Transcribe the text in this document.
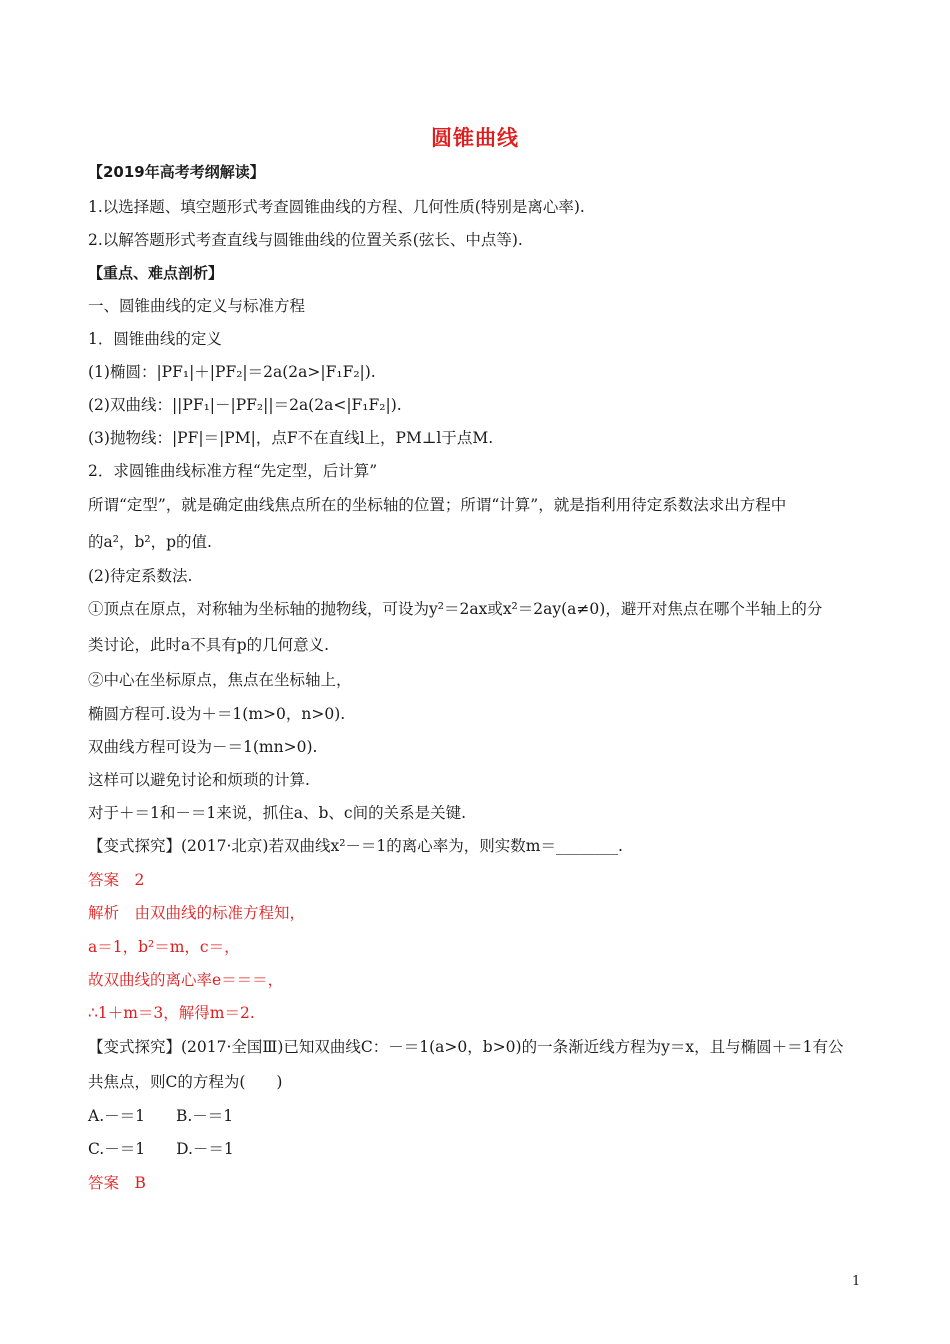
圆锥曲线
【2019年高考考纲解读】
1.以选择题、填空题形式考查圆锥曲线的方程、几何性质(特别是离心率).
2.以解答题形式考查直线与圆锥曲线的位置关系(弦长、中点等).
【重点、难点剖析】
一、圆锥曲线的定义与标准方程
1．圆锥曲线的定义
(1)椭圆：|PF₁|＋|PF₂|＝2a(2a>|F₁F₂|).
(2)双曲线：||PF₁|－|PF₂||＝2a(2a<|F₁F₂|).
(3)抛物线：|PF|＝|PM|，点F不在直线l上，PM⊥l于点M.
2．求圆锥曲线标准方程“先定型，后计算”
所谓“定型”，就是确定曲线焦点所在的坐标轴的位置；所谓“计算”，就是指利用待定系数法求出方程中
的a²，b²，p的值.
(2)待定系数法.
①顶点在原点，对称轴为坐标轴的抛物线，可设为y²＝2ax或x²＝2ay(a≠0)，避开对焦点在哪个半轴上的分
类讨论，此时a不具有p的几何意义.
②中心在坐标原点，焦点在坐标轴上，
椭圆方程可.设为＋＝1(m>0，n>0).
双曲线方程可设为－＝1(mn>0).
这样可以避免讨论和烦琐的计算.
对于＋＝1和－＝1来说，抓住a、b、c间的关系是关键.
【变式探究】(2017·北京)若双曲线x²－＝1的离心率为，则实数m＝________.
答案　2
解析　由双曲线的标准方程知，
a＝1，b²＝m，c＝，
故双曲线的离心率e＝＝＝，
∴1＋m＝3，解得m＝2.
【变式探究】(2017·全国Ⅲ)已知双曲线C：－＝1(a>0，b>0)的一条渐近线方程为y＝x，且与椭圆＋＝1有公
共焦点，则C的方程为(　　)
A.－＝1　　B.－＝1
C.－＝1　　D.－＝1
答案　B
1
